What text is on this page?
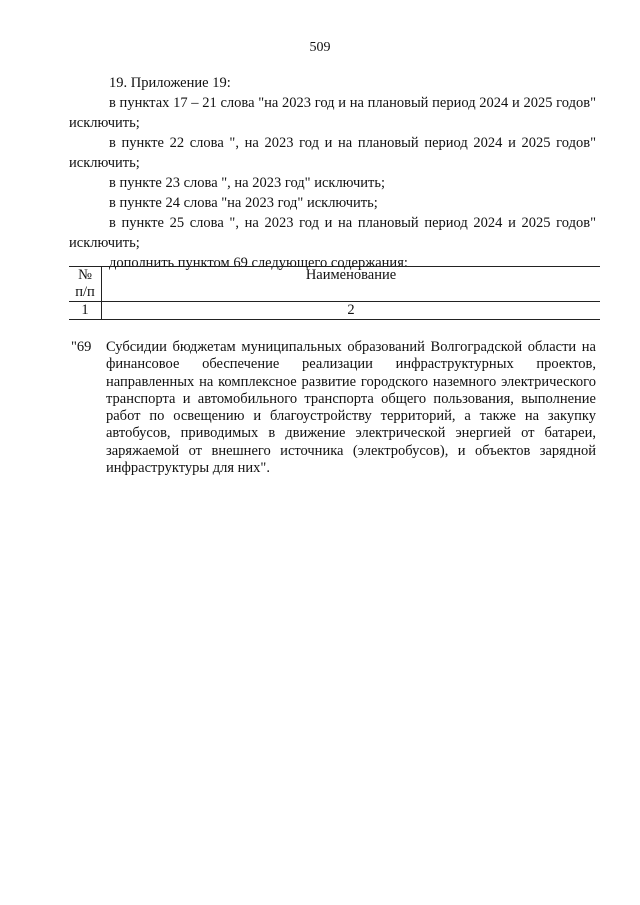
509

19. Приложение 19:

в пунктах 17 – 21 слова "на 2023 год и на плановый период 2024 и 2025 годов" исключить;

в пункте 22 слова ", на 2023 год и на плановый период 2024 и 2025 годов" исключить;

в пункте 23 слова ", на 2023 год" исключить;

в пункте 24 слова "на 2023 год" исключить;

в пункте 25 слова ", на 2023 год и на плановый период 2024 и 2025 годов" исключить;

дополнить пунктом 69 следующего содержания:

№
п/п	Наименование
1	2
"69 Субсидии бюджетам муниципальных образований Волгоградской области на финансовое обеспечение реализации инфраструктурных проектов, направленных на комплексное развитие городского наземного электрического транспорта и автомобильного транспорта общего пользования, выполнение работ по освещению и благоустройству территорий, а также на закупку автобусов, приводимых в движение электрической энергией от батареи, заряжаемой от внешнего источника (электробусов), и объектов зарядной инфраструктуры для них".
